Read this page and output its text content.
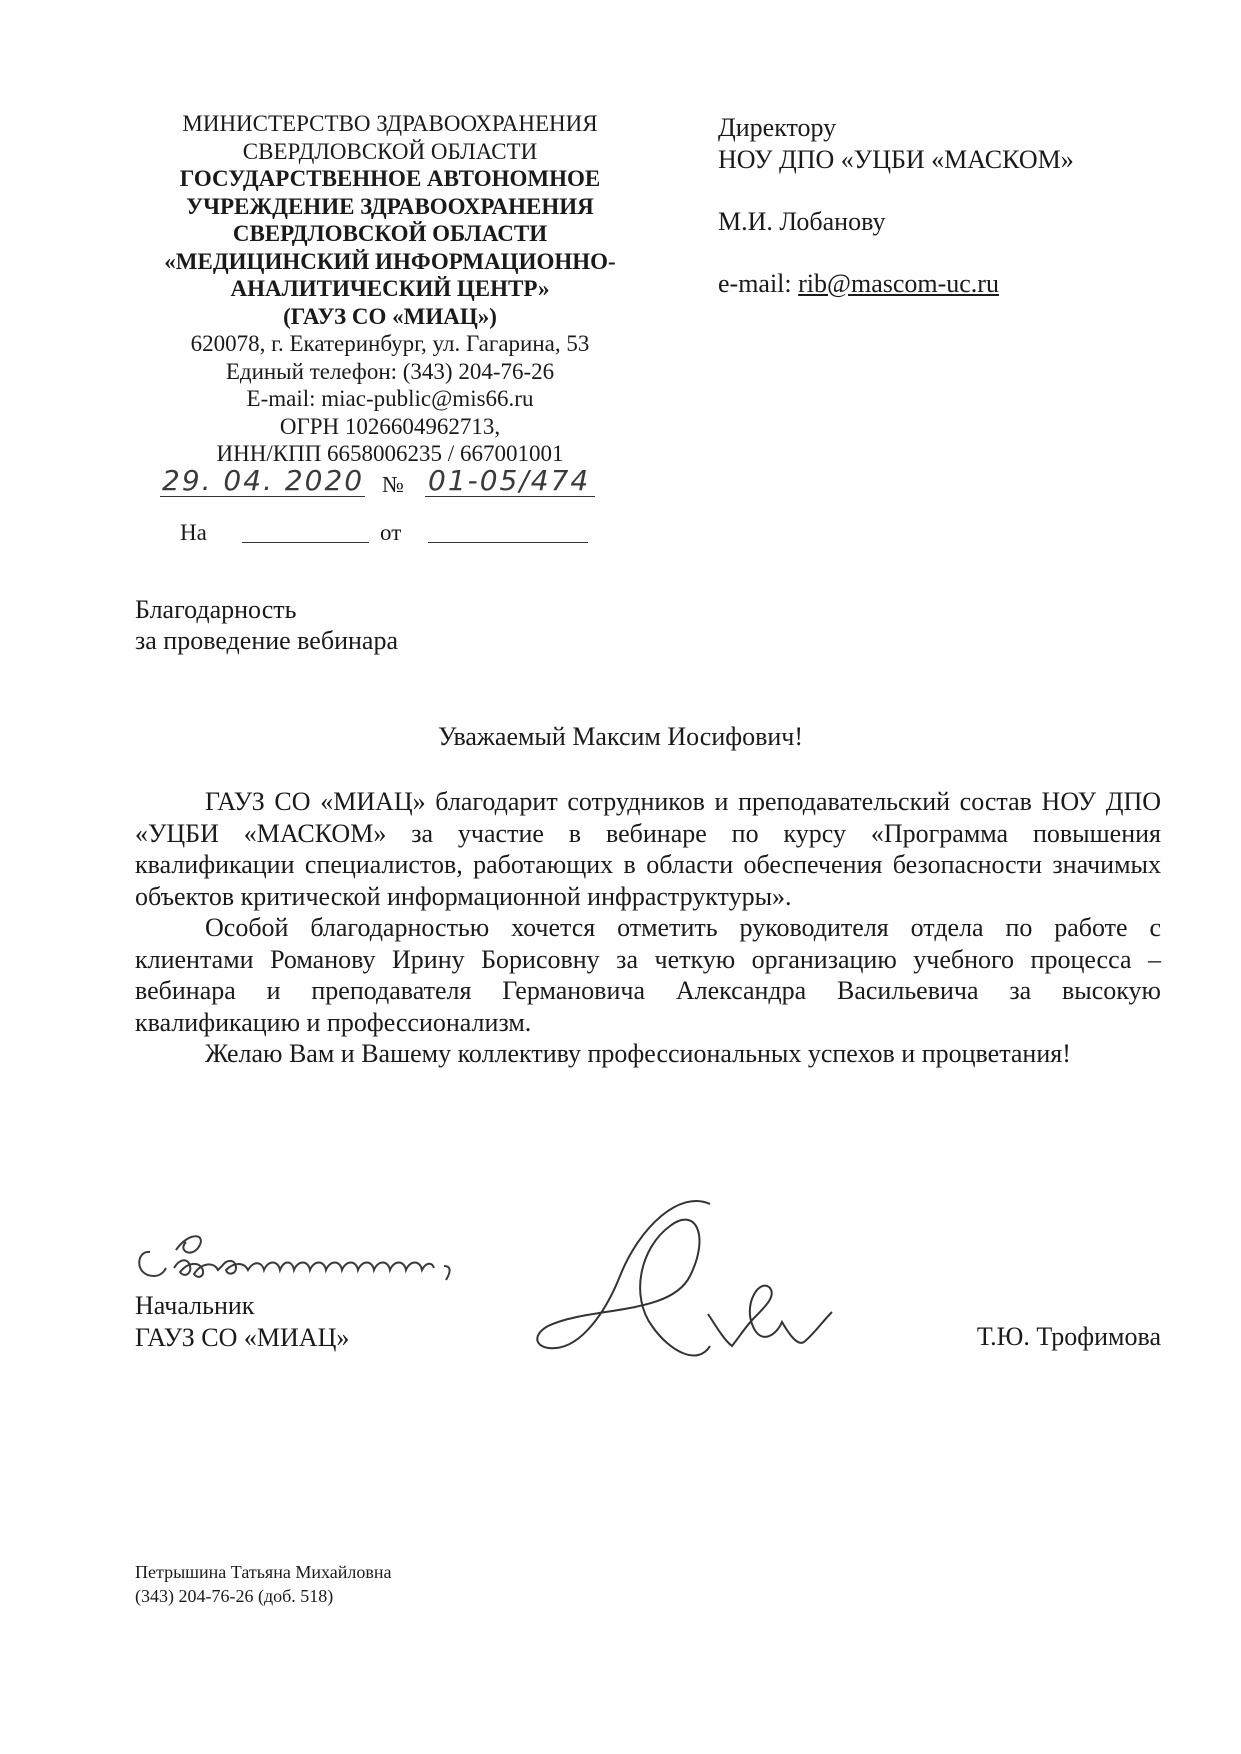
МИНИСТЕРСТВО ЗДРАВООХРАНЕНИЯ
СВЕРДЛОВСКОЙ ОБЛАСТИ
ГОСУДАРСТВЕННОЕ АВТОНОМНОЕ
УЧРЕЖДЕНИЕ ЗДРАВООХРАНЕНИЯ
СВЕРДЛОВСКОЙ ОБЛАСТИ
«МЕДИЦИНСКИЙ ИНФОРМАЦИОННО-
АНАЛИТИЧЕСКИЙ ЦЕНТР»
(ГАУЗ СО «МИАЦ»)
620078, г. Екатеринбург, ул. Гагарина, 53
Единый телефон: (343) 204-76-26
E-mail: miac-public@mis66.ru
ОГРН 1026604962713,
ИНН/КПП 6658006235 / 667001001
Директору
НОУ ДПО «УЦБИ «МАСКОМ»
М.И. Лобанову
e-mail: rib@mascom-uc.ru
29. 04. 2020 № 01-05/474
На	от
Благодарность
за проведение вебинара
Уважаемый Максим Иосифович!

ГАУЗ СО «МИАЦ» благодарит сотрудников и преподавательский состав НОУ ДПО «УЦБИ «МАСКОМ» за участие в вебинаре по курсу «Программа повышения квалификации специалистов, работающих в области обеспечения безопасности значимых объектов критической информационной инфраструктуры».

Особой благодарностью хочется отметить руководителя отдела по работе с клиентами Романову Ирину Борисовну за четкую организацию учебного процесса – вебинара и преподавателя Германовича Александра Васильевича за высокую квалификацию и профессионализм.

Желаю Вам и Вашему коллективу профессиональных успехов и процветания!

Начальник
ГАУЗ СО «МИАЦ»	Т.Ю. Трофимова
Петрышина Татьяна Михайловна
(343) 204-76-26 (доб. 518)
